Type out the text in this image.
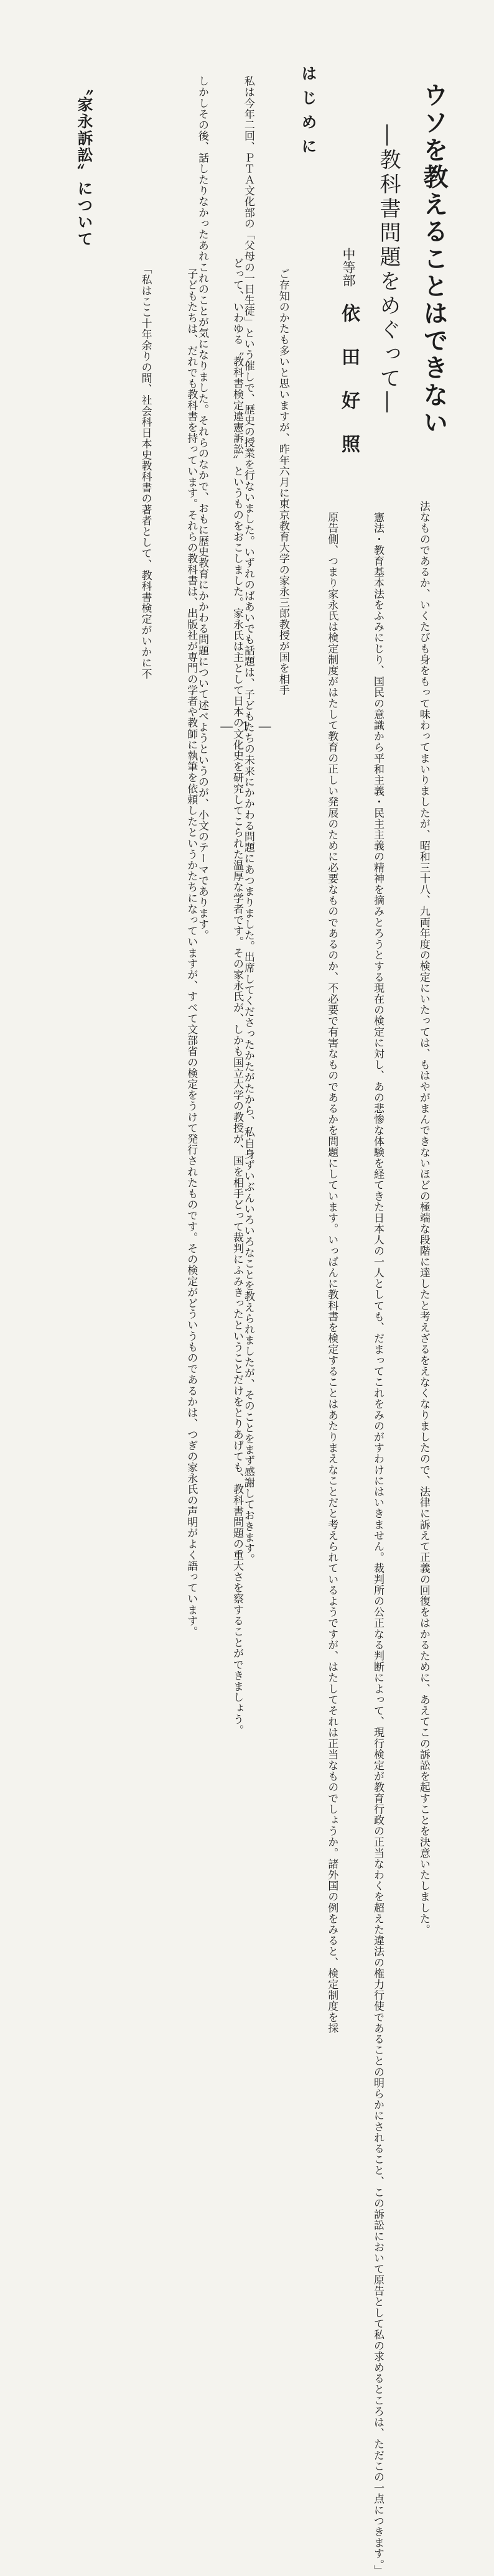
ウソを教えることはできない
―教科書問題をめぐって―
中等部
依田好照
はじめに
〝家永訴訟〟について

	　私は今年二回、ＰＴＡ文化部の「父母の一日生徒」という催しで、歴史の授業を行ないました。いずれのばあいでも話題は、子どもたちの未来にかかわる問題にあつまりました。出席してくださったかたがたから、私自身ずいぶんいろいろなことを教えられましたが、そのことをまず感謝しておきます。

　しかしその後、話したりなかったあれこれのことが気になりました。それらのなかで、おもに歴史教育にかかわる問題について述べようというのが、小文のテーマであります。

	　ご存知のかたも多いと思いますが、昨年六月に東京教育大学の家永三郎教授が国を相手

どって、いわゆる〝教科書検定違憲訴訟〟というものをおこしました。家永氏は主として日本の文化史を研究してこられた温厚な学者です。その家永氏が、しかも国立大学の教授が、国を相手どって裁判にふみきったということだけをとりあげても、教科書問題の重大さを察することができましょう。

　子どもたちは、だれでも教科書を持っています。それらの教科書は、出版社が専門の学者や教師に執筆を依頼したというかたちになっていますが、すべて文部省の検定をうけて発行されたものです。その検定がどういうものであるかは、つぎの家永氏の声明がよく語っています。

　「私はここ十年余りの間、社会科日本史教科書の著者として、教科書検定がいかに不

法なものであるか、いくたびも身をもって味わってまいりましたが、昭和三十八、九両年度の検定にいたっては、もはやがまんできないほどの極端な段階に達したと考えざるをえなくなりましたので、法律に訴えて正義の回復をはかるために、あえてこの訴訟を起すことを決意いたしました。

　憲法・教育基本法をふみにじり、国民の意識から平和主義・民主主義の精神を摘みとろうとする現在の検定に対し、あの悲惨な体験を経てきた日本人の一人としても、だまってこれをみのがすわけにはいきません。裁判所の公正なる判断によって、現行検定が教育行政の正当なわくを超えた違法の権力行使であることの明らかにされること、この訴訟において原告として私の求めるところは、ただこの一点につきます。」

　原告側、つまり家永氏は検定制度がはたして教育の正しい発展のために必要なものであるのか、不必要で有害なものであるかを問題にしています。いっぱんに教科書を検定することはあたりまえなことだと考えられているようですが、はたしてそれは正当なものでしょうか。諸外国の例をみると、検定制度を採

― 1 ―
